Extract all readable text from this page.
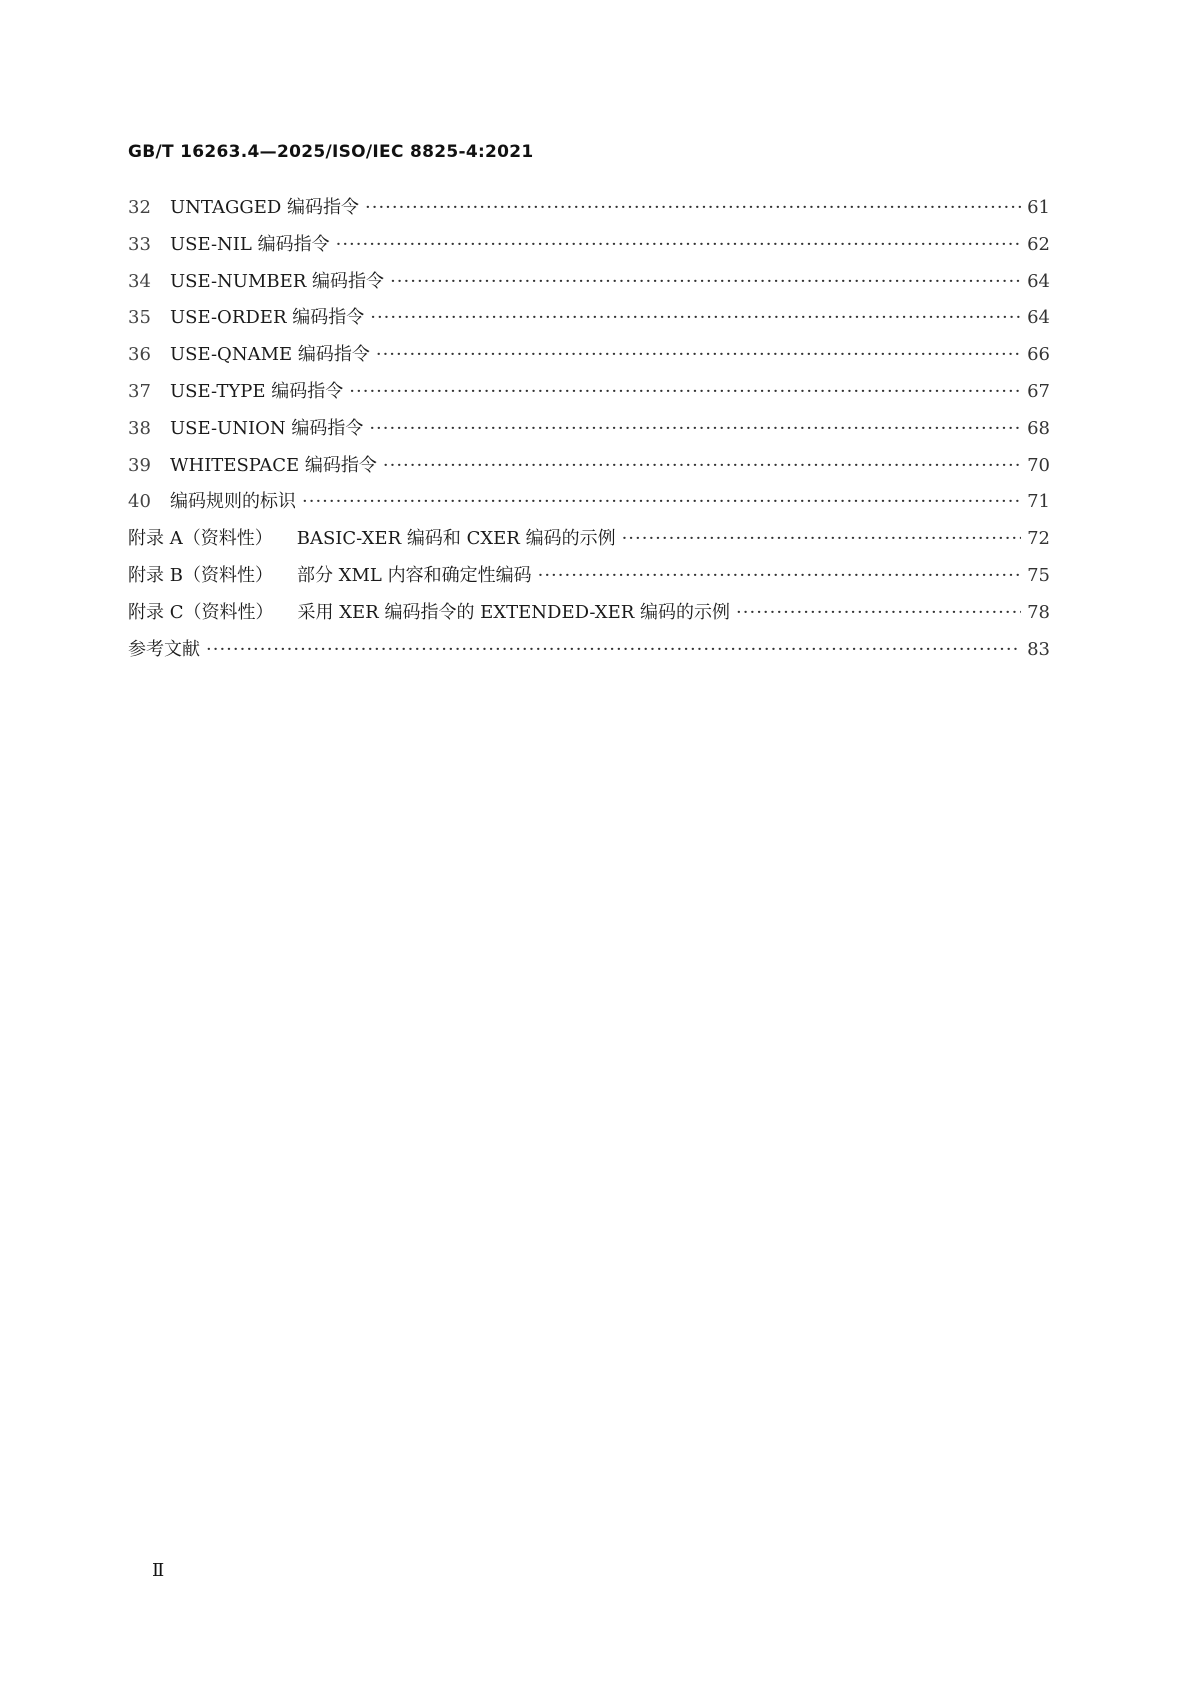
GB/T 16263.4—2025/ISO/IEC 8825-4:2021
32	UNTAGGED 编码指令 ·····	61
33	USE-NIL 编码指令 ·····	62
34	USE-NUMBER 编码指令 ·····	64
35	USE-ORDER 编码指令 ·····	64
36	USE-QNAME 编码指令 ·····	66
37	USE-TYPE 编码指令 ·····	67
38	USE-UNION 编码指令 ·····	68
39	WHITESPACE 编码指令 ·····	70
40	编码规则的标识 ·····	71
附录 A（资料性） BASIC-XER 编码和 CXER 编码的示例 ·····	72
附录 B（资料性） 部分 XML 内容和确定性编码 ·····	75
附录 C（资料性） 采用 XER 编码指令的 EXTENDED-XER 编码的示例 ·····	78
参考文献 ·····	83
Ⅱ
